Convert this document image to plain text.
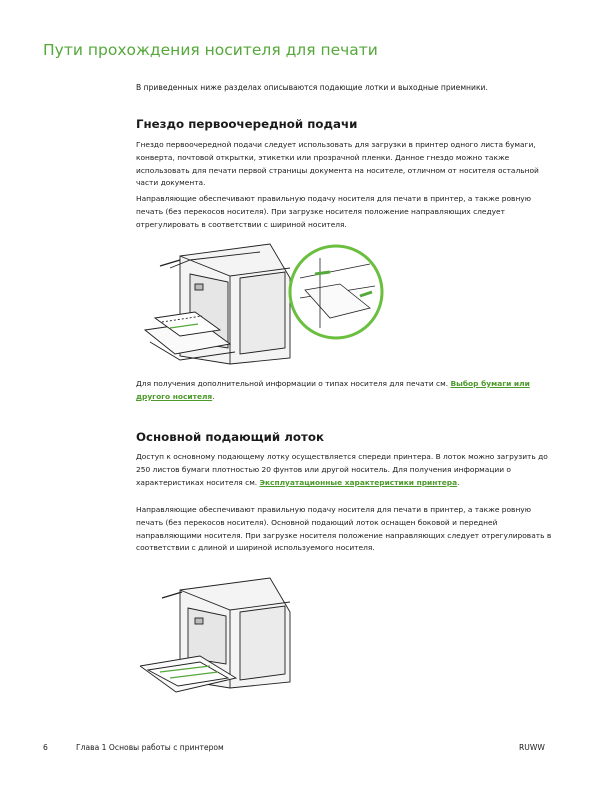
Пути прохождения носителя для печати
В приведенных ниже разделах описываются подающие лотки и выходные приемники.
Гнездо первоочередной подачи

Гнездо первоочередной подачи следует использовать для загрузки в принтер одного листа бумаги, конверта, почтовой открытки, этикетки или прозрачной пленки. Данное гнездо можно также использовать для печати первой страницы документа на носителе, отличном от носителя остальной части документа.

Направляющие обеспечивают правильную подачу носителя для печати в принтер, а также ровную печать (без перекосов носителя). При загрузке носителя положение направляющих следует отрегулировать в соответствии с шириной носителя.

Для получения дополнительной информации о типах носителя для печати см. Выбор бумаги или другого носителя.
Основной подающий лоток
Доступ к основному подающему лотку осуществляется спереди принтера. В лоток можно загрузить до 250 листов бумаги плотностью 20 фунтов или другой носитель. Для получения информации о характеристиках носителя см. Эксплуатационные характеристики принтера.

Направляющие обеспечивают правильную подачу носителя для печати в принтер, а также ровную печать (без перекосов носителя). Основной подающий лоток оснащен боковой и передней направляющими носителя. При загрузке носителя положение направляющих следует отрегулировать в соответствии с длиной и шириной используемого носителя.

6	Глава 1 Основы работы с принтером	RUWW
